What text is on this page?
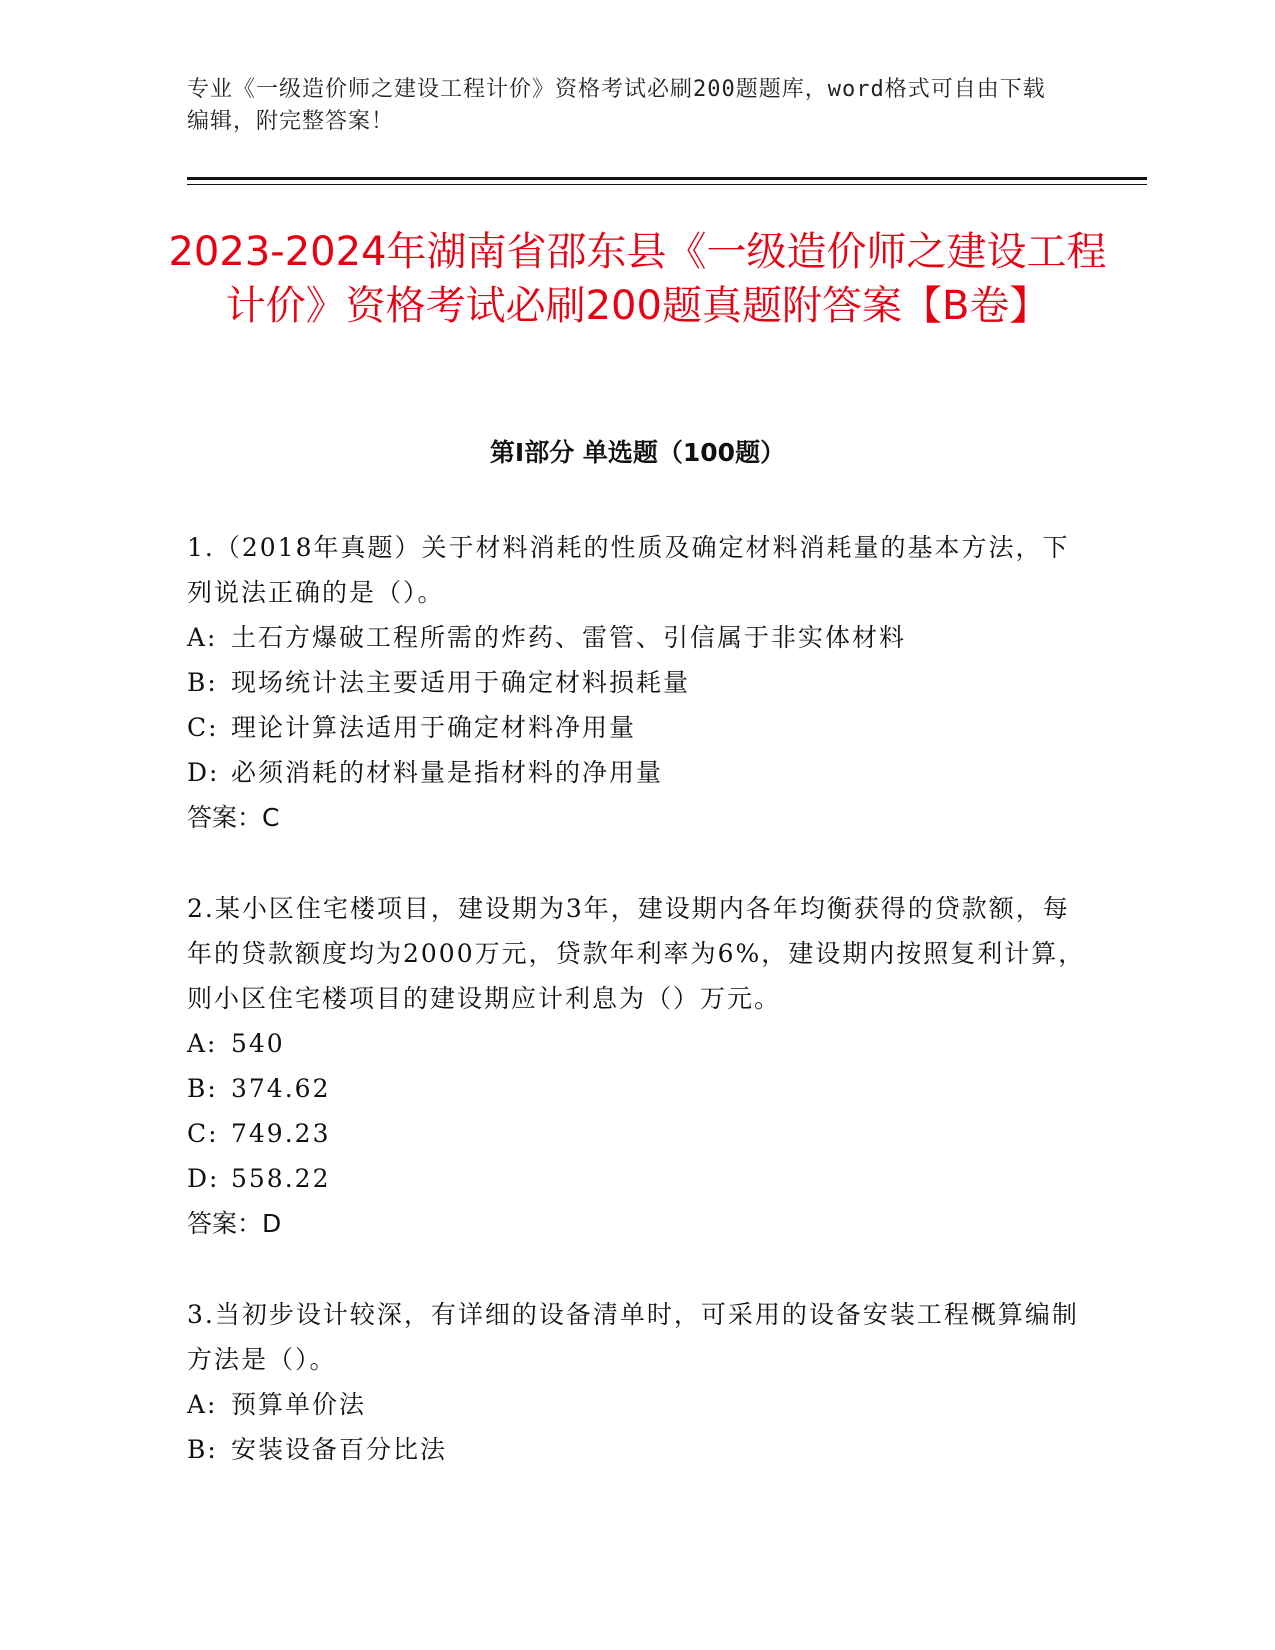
专业《一级造价师之建设工程计价》资格考试必刷200题题库，word格式可自由下载编辑，附完整答案！
2023-2024年湖南省邵东县《一级造价师之建设工程计价》资格考试必刷200题真题附答案【B卷】
第I部分 单选题（100题）

1.（2018年真题）关于材料消耗的性质及确定材料消耗量的基本方法，下列说法正确的是（）。

A: 土石方爆破工程所需的炸药、雷管、引信属于非实体材料

B: 现场统计法主要适用于确定材料损耗量

C: 理论计算法适用于确定材料净用量

D: 必须消耗的材料量是指材料的净用量

答案：C

2.某小区住宅楼项目，建设期为3年，建设期内各年均衡获得的贷款额，每年的贷款额度均为2000万元，贷款年利率为6%，建设期内按照复利计算，则小区住宅楼项目的建设期应计利息为（）万元。

A: 540

B: 374.62

C: 749.23

D: 558.22

答案：D

3.当初步设计较深，有详细的设备清单时，可采用的设备安装工程概算编制方法是（）。

A: 预算单价法

B: 安装设备百分比法
